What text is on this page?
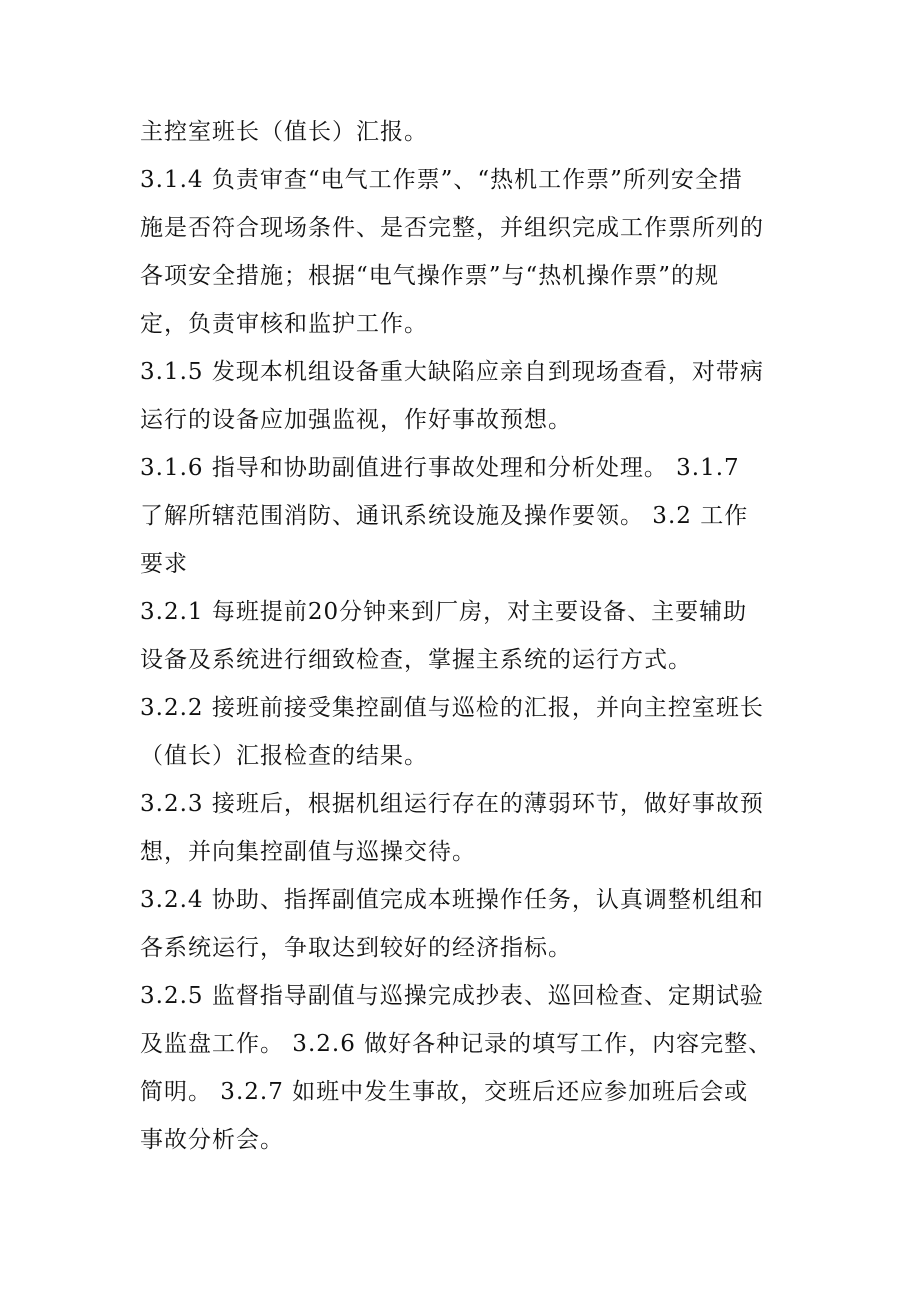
主控室班长（值长）汇报。
3.1.4 负责审查“电气工作票”、“热机工作票”所列安全措
施是否符合现场条件、是否完整，并组织完成工作票所列的
各项安全措施；根据“电气操作票”与“热机操作票”的规
定，负责审核和监护工作。
3.1.5 发现本机组设备重大缺陷应亲自到现场查看，对带病
运行的设备应加强监视，作好事故预想。
3.1.6 指导和协助副值进行事故处理和分析处理。 3.1.7
了解所辖范围消防、通讯系统设施及操作要领。 3.2 工作
要求
3.2.1 每班提前20分钟来到厂房，对主要设备、主要辅助
设备及系统进行细致检查，掌握主系统的运行方式。
3.2.2 接班前接受集控副值与巡检的汇报，并向主控室班长
（值长）汇报检查的结果。
3.2.3 接班后，根据机组运行存在的薄弱环节，做好事故预
想，并向集控副值与巡操交待。
3.2.4 协助、指挥副值完成本班操作任务，认真调整机组和
各系统运行，争取达到较好的经济指标。
3.2.5 监督指导副值与巡操完成抄表、巡回检查、定期试验
及监盘工作。 3.2.6 做好各种记录的填写工作，内容完整、
简明。 3.2.7 如班中发生事故，交班后还应参加班后会或
事故分析会。
